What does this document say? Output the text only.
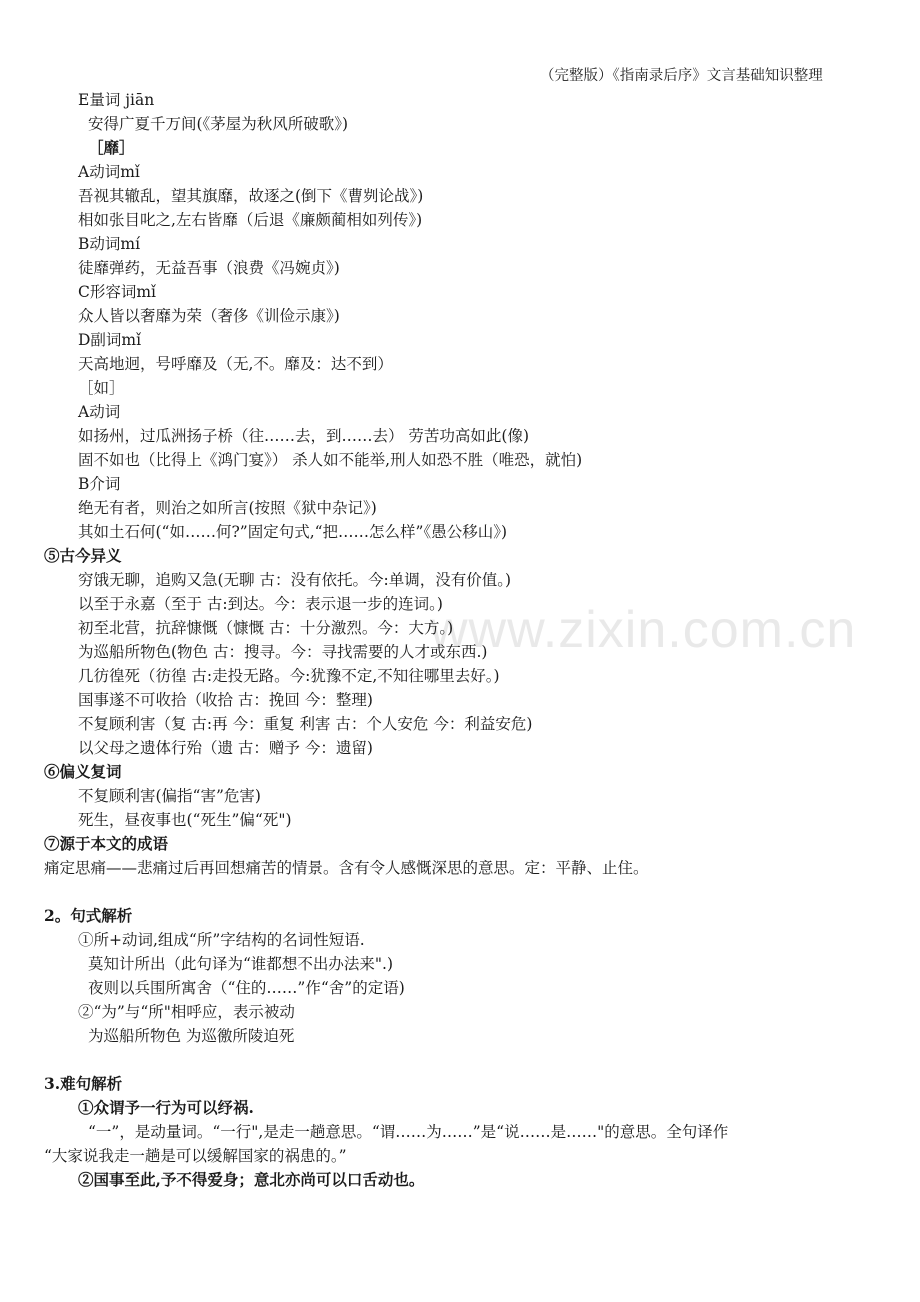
www.zixin.com.cn
（完整版）《指南录后序》文言基础知识整理
E量词 jiān
安得广夏千万间(《茅屋为秋风所破歌》)
［靡］
A动词mǐ
吾视其辙乱，望其旗靡，故逐之(倒下《曹刿论战》)
相如张目叱之,左右皆靡（后退《廉颇蔺相如列传》)
B动词mí
徒靡弹药，无益吾事（浪费《冯婉贞》)
C形容词mǐ
众人皆以奢靡为荣（奢侈《训俭示康》)
D副词mǐ
天高地迥，号呼靡及（无,不。靡及：达不到）
［如］
A动词
如扬州，过瓜洲扬子桥（往……去，到……去） 劳苦功高如此(像)
固不如也（比得上《鸿门宴》） 杀人如不能举,刑人如恐不胜（唯恐，就怕)
B介词
绝无有者，则治之如所言(按照《狱中杂记》)
其如土石何(“如……何?”固定句式,“把……怎么样”《愚公移山》)
⑤古今异义
穷饿无聊，追购又急(无聊 古：没有依托。今:单调，没有价值。)
以至于永嘉（至于 古:到达。今：表示退一步的连词。)
初至北营，抗辞慷慨（慷慨 古：十分激烈。今：大方。)
为巡船所物色(物色 古：搜寻。今：寻找需要的人才或东西.)
几彷徨死（彷徨 古:走投无路。今:犹豫不定,不知往哪里去好。)
国事遂不可收拾（收拾 古：挽回 今：整理)
不复顾利害（复 古:再 今：重复 利害 古：个人安危 今：利益安危)
以父母之遗体行殆（遗 古：赠予 今：遗留)
⑥偏义复词
不复顾利害(偏指“害”危害)
死生，昼夜事也(“死生”偏“死")
⑦源于本文的成语
痛定思痛——悲痛过后再回想痛苦的情景。含有令人感慨深思的意思。定：平静、止住。
2。句式解析
①所+动词,组成“所”字结构的名词性短语.
莫知计所出（此句译为“谁都想不出办法来".)
夜则以兵围所寓舍（“住的……”作“舍”的定语)
②“为”与“所"相呼应，表示被动
为巡船所物色 为巡徼所陵迫死
3.难句解析
①众谓予一行为可以纾祸.
“一”，是动量词。“一行",是走一趟意思。“谓……为……”是“说……是……"的意思。全句译作
“大家说我走一趟是可以缓解国家的祸患的。”
②国事至此,予不得爱身；意北亦尚可以口舌动也。
